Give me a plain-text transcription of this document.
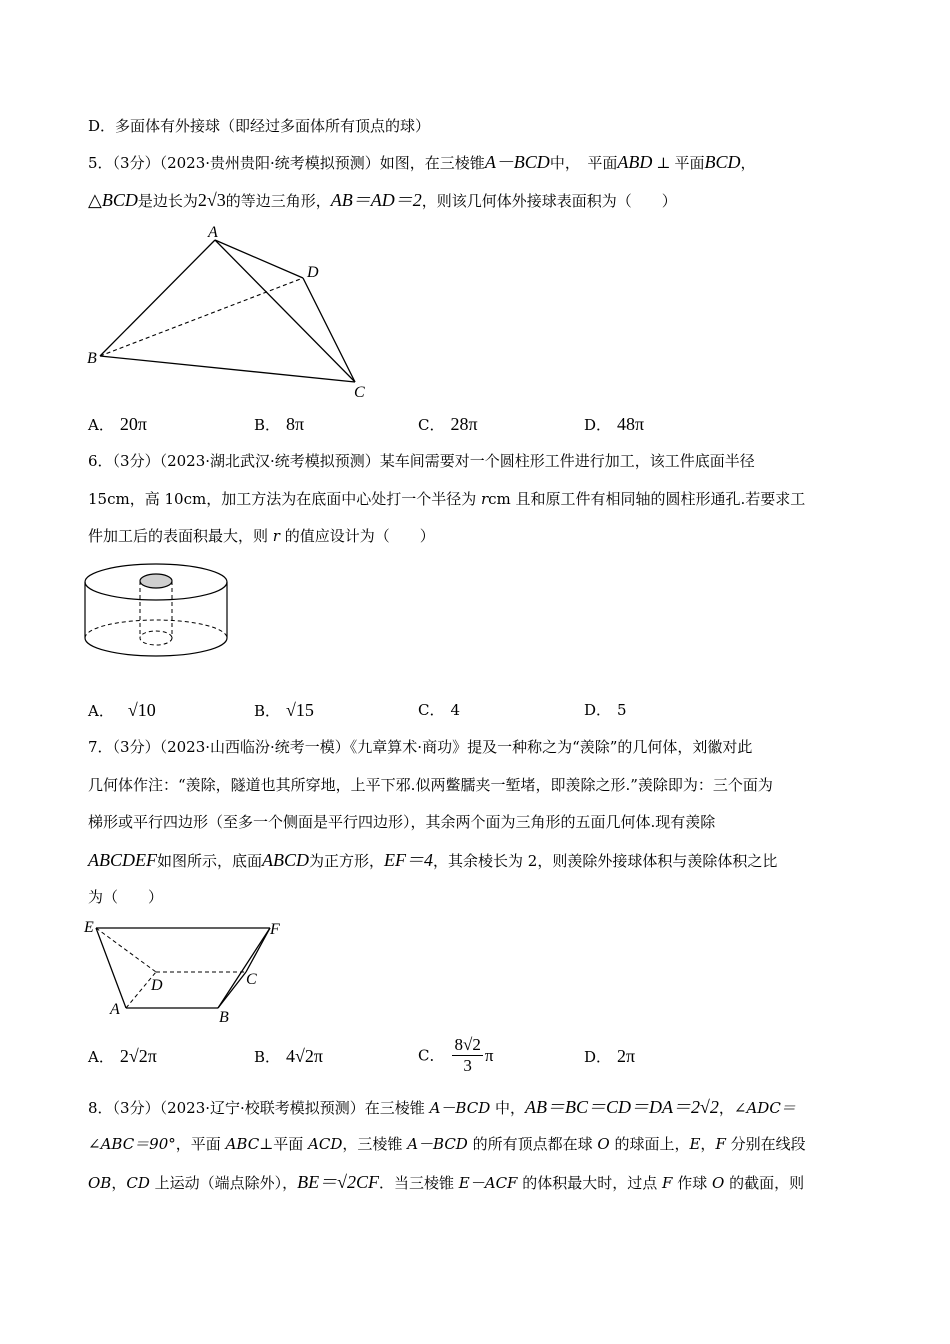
D．多面体有外接球（即经过多面体所有顶点的球）
5．（3分）（2023·贵州贵阳·统考模拟预测）如图，在三棱锥A－BCD中，　平面ABD ⊥ 平面BCD，
△BCD是边长为2√3的等边三角形，AB＝AD＝2，则该几何体外接球表面积为（　　）
A
D
B
C
A． 20π	B． 8π	C． 28π	D． 48π
6．（3分）（2023·湖北武汉·统考模拟预测）某车间需要对一个圆柱形工件进行加工，该工件底面半径
15cm，高 10cm，加工方法为在底面中心处打一个半径为 rcm 且和原工件有相同轴的圆柱形通孔.若要求工
件加工后的表面积最大，则 r 的值应设计为（　　）
A． √10	B． √15	C． 4	D． 5
7．（3分）（2023·山西临汾·统考一模）《九章算术·商功》提及一种称之为“羡除”的几何体，刘徽对此
几何体作注：“羡除，隧道也其所穿地，上平下邪.似两鳖臑夹一堑堵，即羡除之形.”羡除即为：三个面为
梯形或平行四边形（至多一个侧面是平行四边形），其余两个面为三角形的五面几何体.现有羡除
ABCDEF如图所示，底面ABCD为正方形，EF＝4，其余棱长为 2，则羡除外接球体积与羡除体积之比
为（　　）
E	F
D	C
A	B
A． 2√2π	B． 4√2π	C． $\frac{8√2}{3}$ π	D． 2π
8．（3分）（2023·辽宁·校联考模拟预测）在三棱锥 A－BCD 中，AB＝BC＝CD＝DA＝2√2，∠ADC＝
∠ABC＝90°，平面 ABC⊥平面 ACD，三棱锥 A－BCD 的所有顶点都在球 O 的球面上，E，F 分别在线段
OB，CD 上运动（端点除外），BE＝√2CF．当三棱锥 E－ACF 的体积最大时，过点 F 作球 O 的截面，则
